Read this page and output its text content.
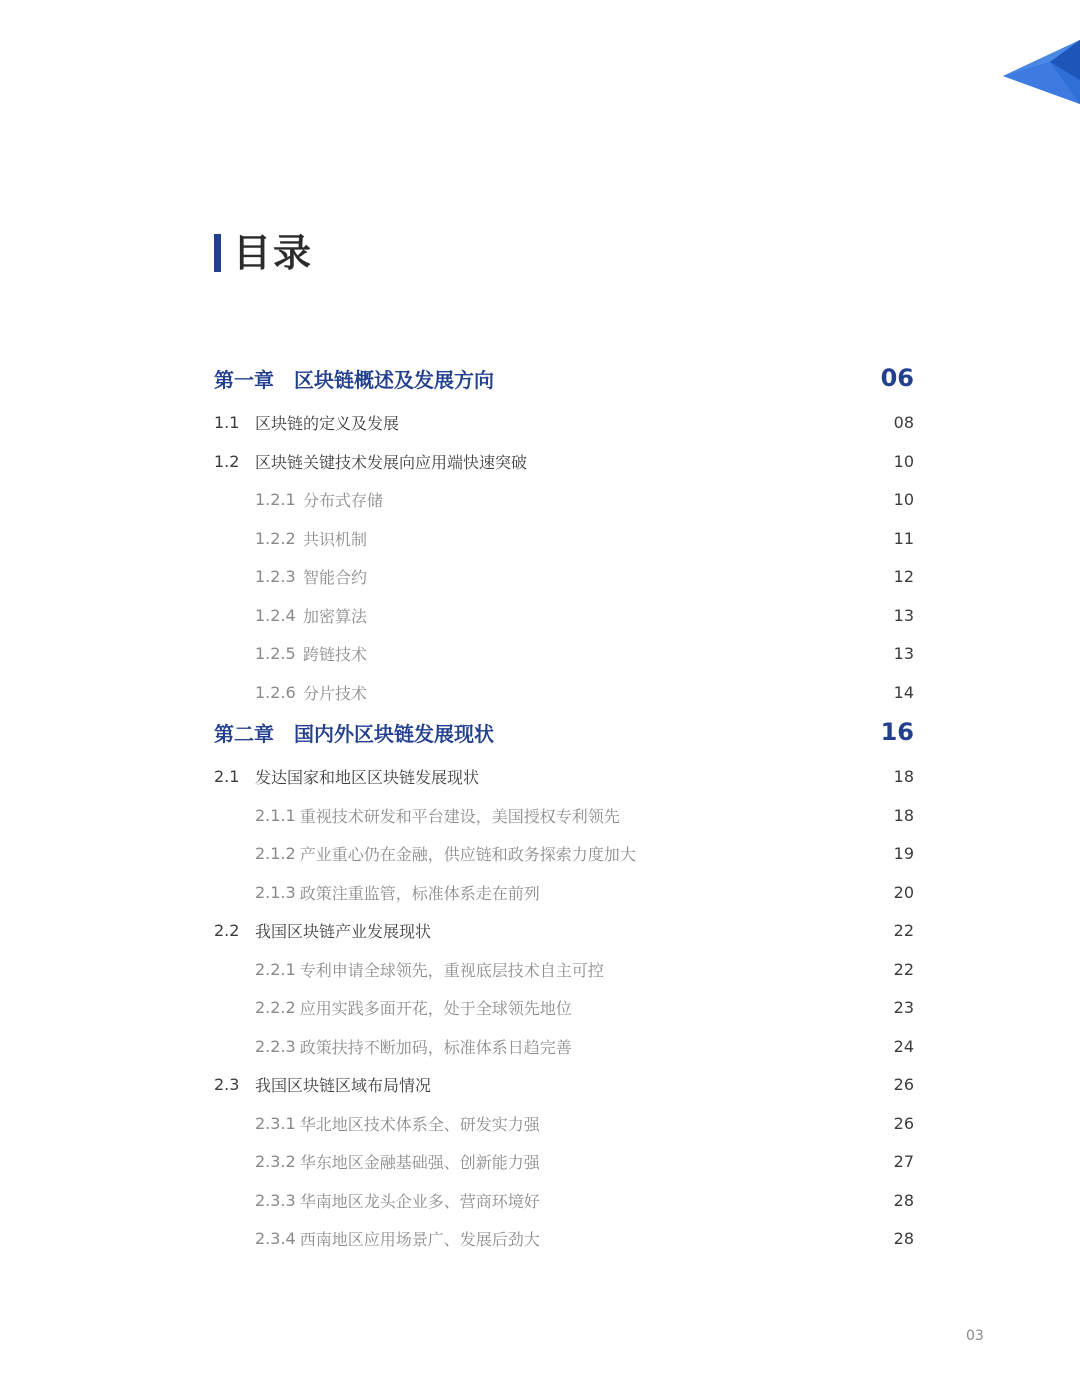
目录
第一章 区块链概述及发展方向	06
1.1 区块链的定义及发展	08
1.2 区块链关键技术发展向应用端快速突破	10
1.2.1 分布式存储	10
1.2.2 共识机制	11
1.2.3 智能合约	12
1.2.4 加密算法	13
1.2.5 跨链技术	13
1.2.6 分片技术	14
第二章 国内外区块链发展现状	16
2.1 发达国家和地区区块链发展现状	18
2.1.1 重视技术研发和平台建设，美国授权专利领先	18
2.1.2 产业重心仍在金融，供应链和政务探索力度加大	19
2.1.3 政策注重监管，标准体系走在前列	20
2.2 我国区块链产业发展现状	22
2.2.1 专利申请全球领先，重视底层技术自主可控	22
2.2.2 应用实践多面开花，处于全球领先地位	23
2.2.3 政策扶持不断加码，标准体系日趋完善	24
2.3 我国区块链区域布局情况	26
2.3.1 华北地区技术体系全、研发实力强	26
2.3.2 华东地区金融基础强、创新能力强	27
2.3.3 华南地区龙头企业多、营商环境好	28
2.3.4 西南地区应用场景广、发展后劲大	28
03
